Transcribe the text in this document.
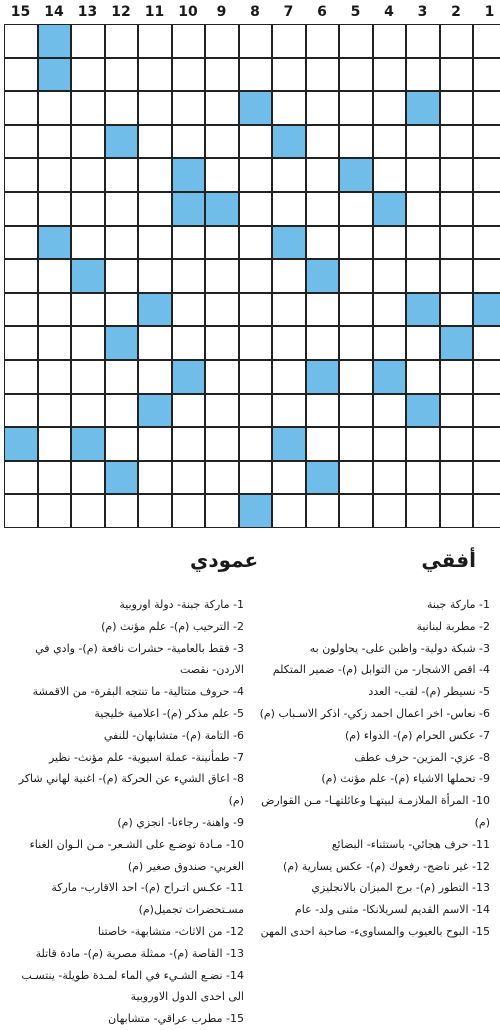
15	14	13	12	11	10	9	8	7	6	5	4	3	2	1
أفقي
عمودي
1- ماركة جبنة
2- مطربة لبنانية
3- شبكة دولية- واظبن على- يحاولون به
4- اقص الاشجار- من التوابل (م)- ضمير المتكلم
5- نسيطر (م)- لقب- العدد
6- نعاس- اخر اعمال احمد زكي- اذكر الاسـباب (م)
7- عكس الحرام (م)- الدواء (م)
8- عزي- المزين- حرف عطف
9- تحملها الاشياء (م)- علم مؤنث (م)
10- المرأة الملازمـة لبيتهـا وعائلتهـا- مـن القوارض (م)
11- حرف هجائي- باستثناء- البضائع
12- غير ناضج- رفعوك (م)- عكس يسارية (م)
13- التطور (م)- برج الميزان بالانجليزي
14- الاسم القديم لسريلانكا- مثنى ولد- عام
15- البوح بالعيوب والمساوىء- صاحبة احدى المهن
1- ماركة جبنة- دولة اوروبية
2- الترحيب (م)- علم مؤنث (م)
3- فقط بالعامية- حشرات نافعة (م)- وادي في الاردن- نقصت
4- حروف متتالية- ما تنتجه البقرة- من الاقمشة
5- علم مذكر (م)- اعلامية خليجية
6- التامة (م)- متشابهان- للنفي
7- طمأنينة- عملة اسيوية- علم مؤنث- نظير
8- اعاق الشيء عن الحركة (م)- اغنية لهاني شاكر (م)
9- واهنة- رجاءنا- انجزي (م)
10- مـادة توضـع على الشـعر- مـن الـوان الغناء الغربي- صندوق صغير (م)
11- عكـس اتـراح (م)- احد الاقارب- ماركة مسـتحضرات تجميل(م)
12- من الاثاث- متشابهة- خاصتنا
13- القاصة (م)- ممثلة مصرية (م)- مادة قاتلة
14- نضـع الشـيء في الماء لمـدة طويلة- ينتسـب الى احدى الدول الاوروبية
15- مطرب عراقي- متشابهان
